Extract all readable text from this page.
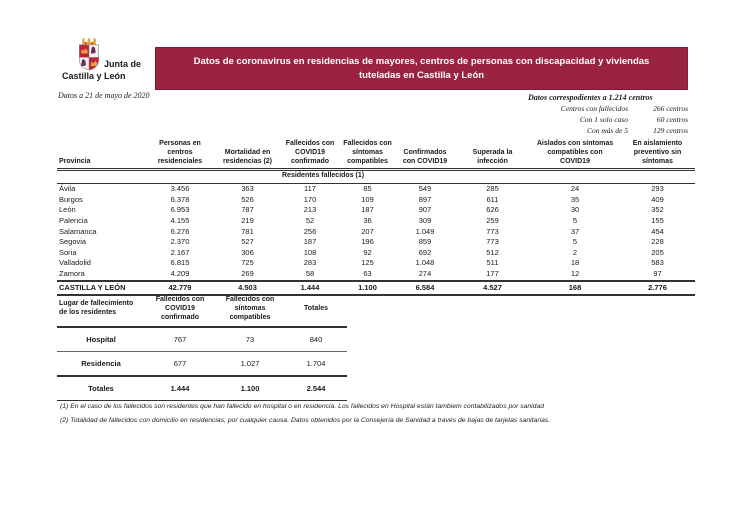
Junta de
Castilla y León
Datos a 21 de mayo de 2020
Datos de coronavirus en residencias de mayores, centros de personas con discapacidad y viviendas tuteladas en Castilla y León
Datos correspodientes a 1.214 centros
Centros con fallecidos	266 centros
Con 1 solo caso	60 centros
Con más de 5	129 centros
Provincia	Personas en centros residenciales	Mortalidad en residencias (2)	Fallecidos con COVID19 confirmado	Fallecidos con síntomas compatibles	Confirmados con COVID19	Superada la infección	Aislados con síntomas compatibles con COVID19	En aislamiento preventivo sin síntomas
			Residentes fallecidos (1)					
Ávila	3.456	363	117	85	549	285	24	293
Burgos	6.378	526	170	109	897	611	35	409
León	6.953	787	213	187	907	626	30	352
Palencia	4.155	219	52	36	309	259	5	155
Salamanca	6.276	781	256	207	1.049	773	37	454
Segovia	2.370	527	187	196	859	773	5	228
Soria	2.167	306	108	92	692	512	2	205
Valladolid	6.815	725	283	125	1.048	511	18	583
Zamora	4.209	269	58	63	274	177	12	97
CASTILLA Y LEÓN	42.779	4.503	1.444	1.100	6.584	4.527	168	2.776
Lugar de fallecimiento de los residentes	Fallecidos con COVID19 confirmado	Fallecidos con síntomas compatibles	Totales
Hospital	767	73	840
Residencia	677	1.027	1.704
Totales	1.444	1.100	2.544
(1) En el caso de los fallecidos son residentes que han fallecido en hospital o en residencia. Los fallecidos en Hospital están tambiem contabilizados por sanidad
(2) Totalidad de fallecidos con domicilio en residencias, por cualquier causa. Datos obtenidos por la Consejería de Sanidad a través de bajas de tarjetas sanitarias.
